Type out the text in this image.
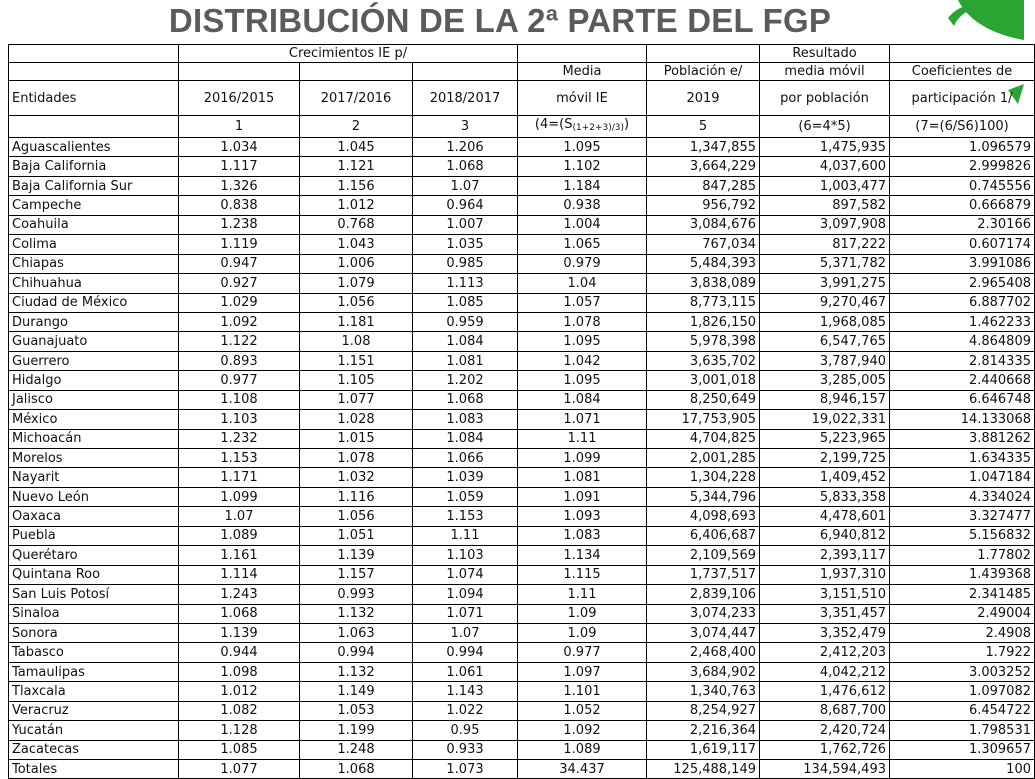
DISTRIBUCIÓN DE LA 2ª PARTE DEL FGP
	Crecimientos IE p/					Resultado	
				Media	Población e/	media móvil	Coeficientes de
Entidades	2016/2015	2017/2016	2018/2017	móvil IE	2019	por población	participación 1/
	1	2	3	($4=(S_{(1+2+3)/3)})$	5	(6=4*5)	(7=(6/S6)100)
Aguascalientes	1.034	1.045	1.206	1.095	1,347,855	1,475,935	1.096579
Baja California	1.117	1.121	1.068	1.102	3,664,229	4,037,600	2.999826
Baja California Sur	1.326	1.156	1.07	1.184	847,285	1,003,477	0.745556
Campeche	0.838	1.012	0.964	0.938	956,792	897,582	0.666879
Coahuila	1.238	0.768	1.007	1.004	3,084,676	3,097,908	2.30166
Colima	1.119	1.043	1.035	1.065	767,034	817,222	0.607174
Chiapas	0.947	1.006	0.985	0.979	5,484,393	5,371,782	3.991086
Chihuahua	0.927	1.079	1.113	1.04	3,838,089	3,991,275	2.965408
Ciudad de México	1.029	1.056	1.085	1.057	8,773,115	9,270,467	6.887702
Durango	1.092	1.181	0.959	1.078	1,826,150	1,968,085	1.462233
Guanajuato	1.122	1.08	1.084	1.095	5,978,398	6,547,765	4.864809
Guerrero	0.893	1.151	1.081	1.042	3,635,702	3,787,940	2.814335
Hidalgo	0.977	1.105	1.202	1.095	3,001,018	3,285,005	2.440668
Jalisco	1.108	1.077	1.068	1.084	8,250,649	8,946,157	6.646748
México	1.103	1.028	1.083	1.071	17,753,905	19,022,331	14.133068
Michoacán	1.232	1.015	1.084	1.11	4,704,825	5,223,965	3.881262
Morelos	1.153	1.078	1.066	1.099	2,001,285	2,199,725	1.634335
Nayarit	1.171	1.032	1.039	1.081	1,304,228	1,409,452	1.047184
Nuevo León	1.099	1.116	1.059	1.091	5,344,796	5,833,358	4.334024
Oaxaca	1.07	1.056	1.153	1.093	4,098,693	4,478,601	3.327477
Puebla	1.089	1.051	1.11	1.083	6,406,687	6,940,812	5.156832
Querétaro	1.161	1.139	1.103	1.134	2,109,569	2,393,117	1.77802
Quintana Roo	1.114	1.157	1.074	1.115	1,737,517	1,937,310	1.439368
San Luis Potosí	1.243	0.993	1.094	1.11	2,839,106	3,151,510	2.341485
Sinaloa	1.068	1.132	1.071	1.09	3,074,233	3,351,457	2.49004
Sonora	1.139	1.063	1.07	1.09	3,074,447	3,352,479	2.4908
Tabasco	0.944	0.994	0.994	0.977	2,468,400	2,412,203	1.7922
Tamaulipas	1.098	1.132	1.061	1.097	3,684,902	4,042,212	3.003252
Tlaxcala	1.012	1.149	1.143	1.101	1,340,763	1,476,612	1.097082
Veracruz	1.082	1.053	1.022	1.052	8,254,927	8,687,700	6.454722
Yucatán	1.128	1.199	0.95	1.092	2,216,364	2,420,724	1.798531
Zacatecas	1.085	1.248	0.933	1.089	1,619,117	1,762,726	1.309657
Totales	1.077	1.068	1.073	34.437	125,488,149	134,594,493	100
